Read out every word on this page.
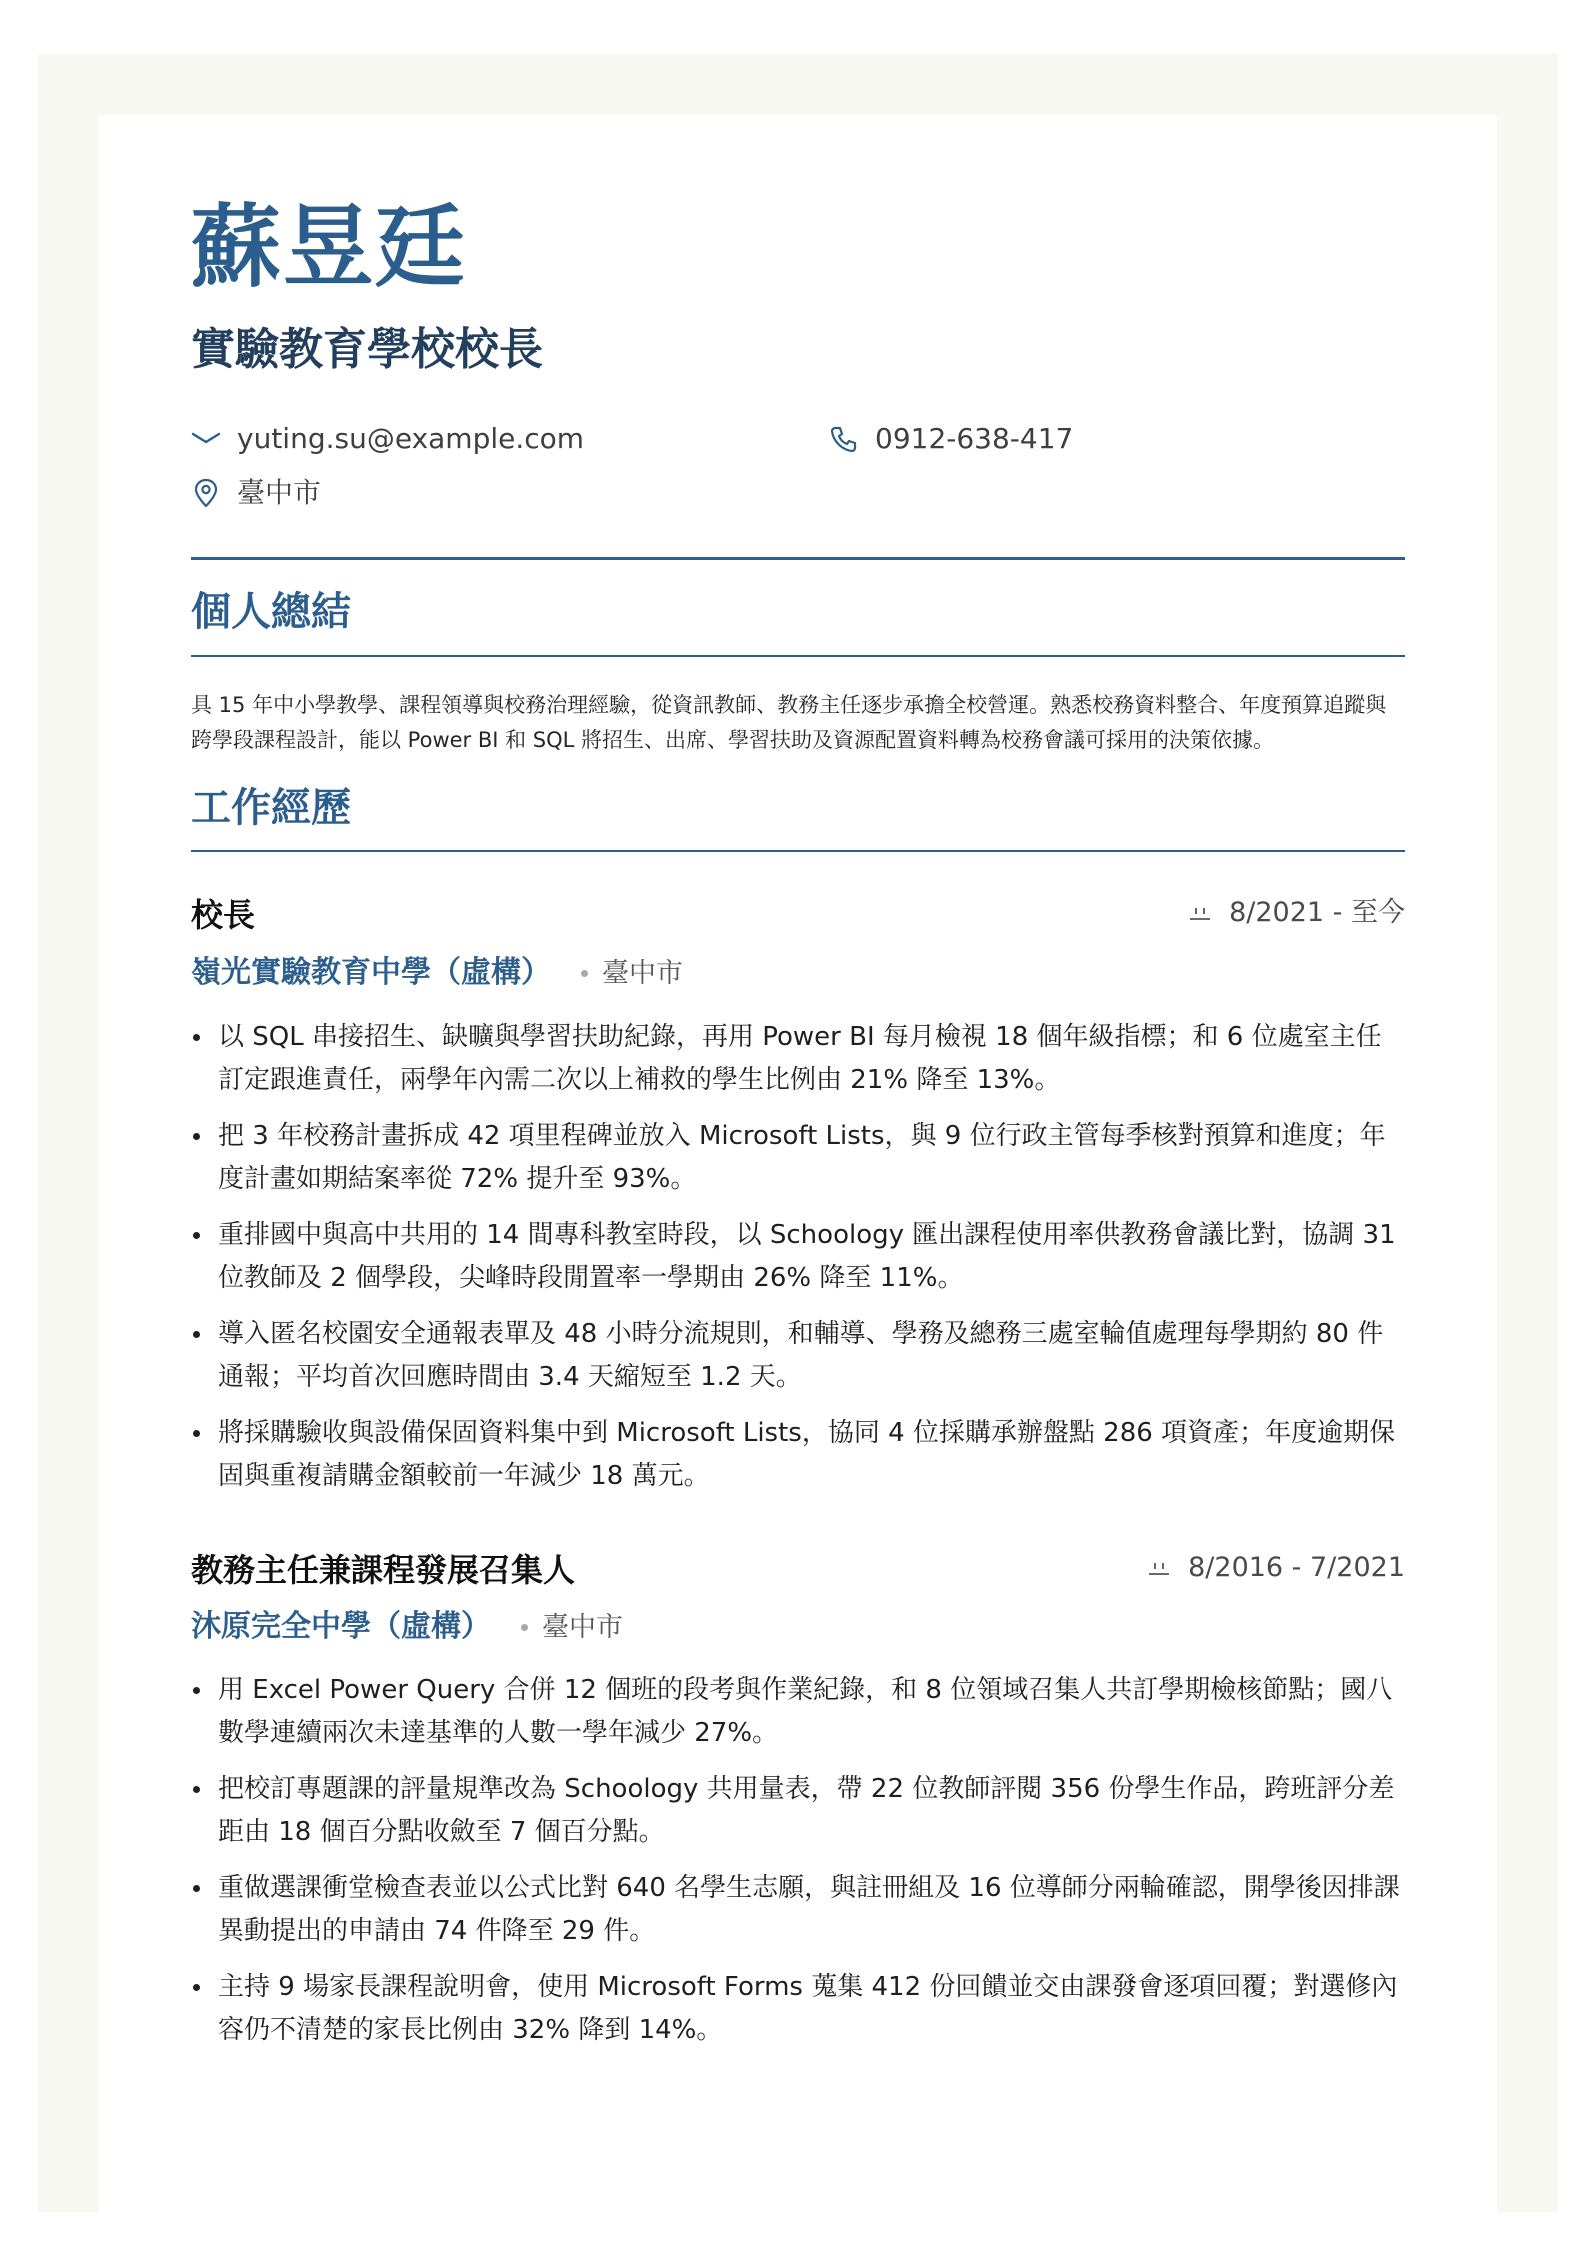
蘇昱廷
實驗教育學校校長
yuting.su@example.com	0912-638-417
臺中市
個人總結
具 15 年中小學教學、課程領導與校務治理經驗，從資訊教師、教務主任逐步承擔全校營運。熟悉校務資料整合、年度預算追蹤與跨學段課程設計，能以 Power BI 和 SQL 將招生、出席、學習扶助及資源配置資料轉為校務會議可採用的決策依據。
工作經歷
校長	8/2021 - 至今
嶺光實驗教育中學（虛構） 臺中市
以 SQL 串接招生、缺曠與學習扶助紀錄，再用 Power BI 每月檢視 18 個年級指標；和 6 位處室主任訂定跟進責任，兩學年內需二次以上補救的學生比例由 21% 降至 13%。
把 3 年校務計畫拆成 42 項里程碑並放入 Microsoft Lists，與 9 位行政主管每季核對預算和進度；年度計畫如期結案率從 72% 提升至 93%。
重排國中與高中共用的 14 間專科教室時段，以 Schoology 匯出課程使用率供教務會議比對，協調 31 位教師及 2 個學段，尖峰時段閒置率一學期由 26% 降至 11%。
導入匿名校園安全通報表單及 48 小時分流規則，和輔導、學務及總務三處室輪值處理每學期約 80 件通報；平均首次回應時間由 3.4 天縮短至 1.2 天。
將採購驗收與設備保固資料集中到 Microsoft Lists，協同 4 位採購承辦盤點 286 項資產；年度逾期保固與重複請購金額較前一年減少 18 萬元。
教務主任兼課程發展召集人	8/2016 - 7/2021
沐原完全中學（虛構） 臺中市
用 Excel Power Query 合併 12 個班的段考與作業紀錄，和 8 位領域召集人共訂學期檢核節點；國八數學連續兩次未達基準的人數一學年減少 27%。
把校訂專題課的評量規準改為 Schoology 共用量表，帶 22 位教師評閱 356 份學生作品，跨班評分差距由 18 個百分點收斂至 7 個百分點。
重做選課衝堂檢查表並以公式比對 640 名學生志願，與註冊組及 16 位導師分兩輪確認，開學後因排課異動提出的申請由 74 件降至 29 件。
主持 9 場家長課程說明會，使用 Microsoft Forms 蒐集 412 份回饋並交由課發會逐項回覆；對選修內容仍不清楚的家長比例由 32% 降到 14%。
